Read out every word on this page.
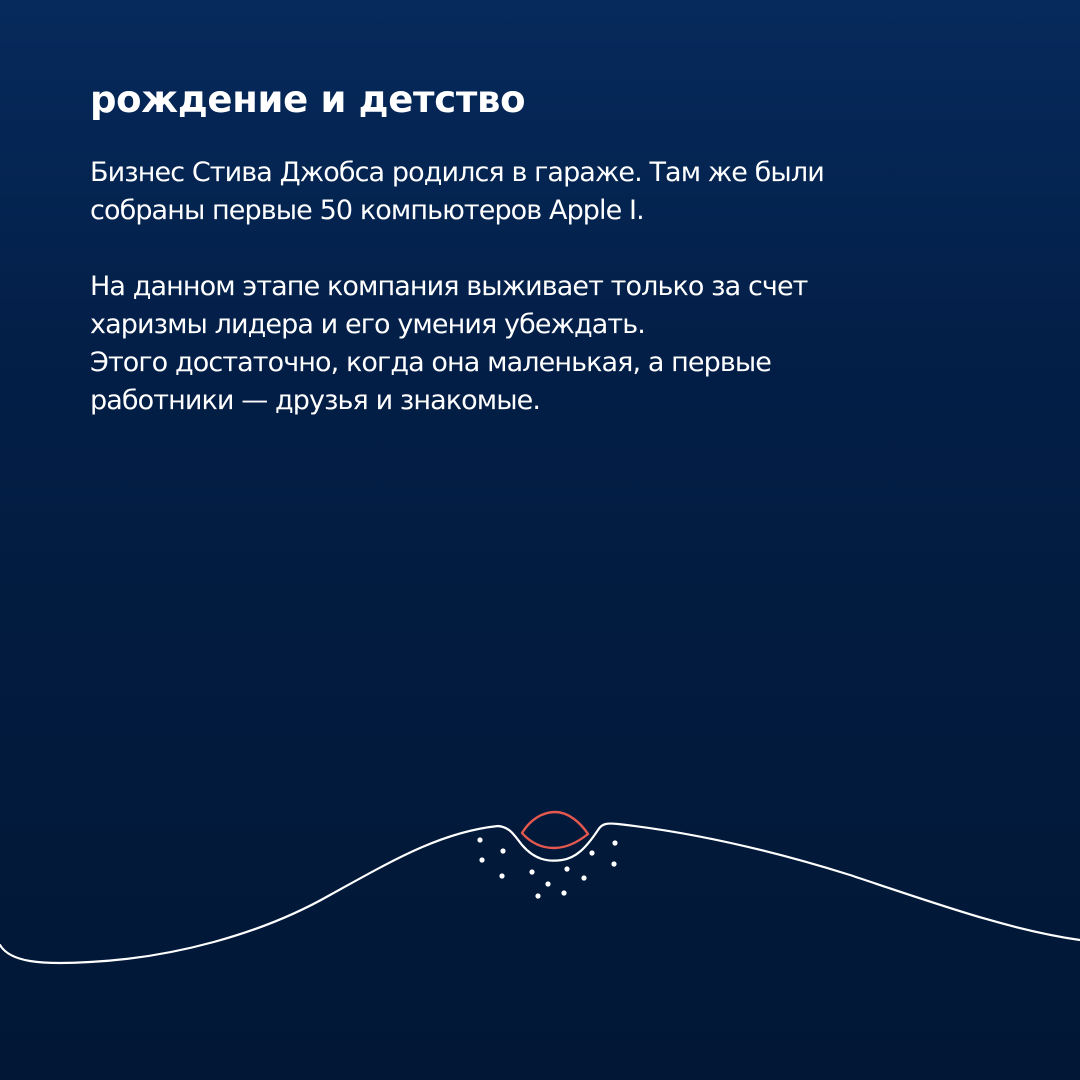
рождение и детство

Бизнес Стива Джобса родился в гараже. Там же были
собраны первые 50 компьютеров Apple I.

На данном этапе компания выживает только за счет
харизмы лидера и его умения убеждать.
Этого достаточно, когда она маленькая, а первые
работники — друзья и знакомые.
